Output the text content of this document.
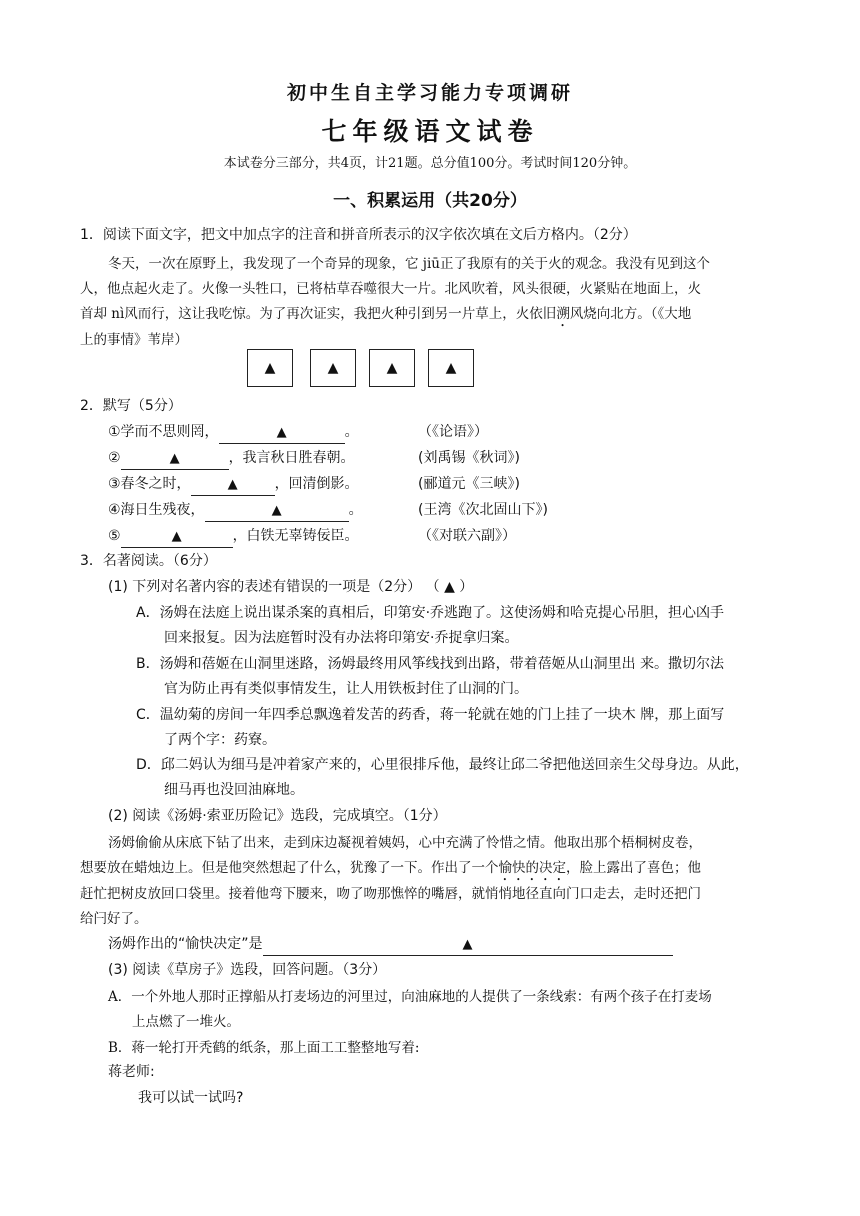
初中生自主学习能力专项调研
七年级语文试卷
本试卷分三部分，共4页，计21题。总分值100分。考试时间120分钟。
一、积累运用（共20分）
1．阅读下面文字，把文中加点字的注音和拼音所表示的汉字依次填在文后方格内。（2分）
冬天，一次在原野上，我发现了一个奇异的现象，它 jiū正了我原有的关于火的观念。我没有见到这个
人，他点起火走了。火像一头牲口，已将枯草吞噬很大一片。北风吹着，风头很硬，火紧贴在地面上，火
首却 nì风而行，这让我吃惊。为了再次证实，我把火种引到另一片草上，火依旧溯风烧向北方。（《大地
上的事情》苇岸）
▲	▲	▲	▲
2．默写（5分）
①学而不思则罔，	▲	。	（《论语》）
②	▲	，我言秋日胜春朝。	(刘禹锡《秋词》)
③春冬之时，	▲	，回清倒影。	(郦道元《三峡》)
④海日生残夜，	▲	。	(王湾《次北固山下》)
⑤	▲	，白铁无辜铸佞臣。	（《对联六副》）
3．名著阅读。（6分）
(1) 下列对名著内容的表述有错误的一项是（2分） （ ▲ ）
A．汤姆在法庭上说出谋杀案的真相后，印第安·乔逃跑了。这使汤姆和哈克提心吊胆，担心凶手
回来报复。因为法庭暂时没有办法将印第安·乔捉拿归案。
B．汤姆和蓓姬在山洞里迷路，汤姆最终用风筝线找到出路，带着蓓姬从山洞里出 来。撒切尔法
官为防止再有类似事情发生，让人用铁板封住了山洞的门。
C．温幼菊的房间一年四季总飘逸着发苦的药香，蒋一轮就在她的门上挂了一块木 牌，那上面写
了两个字：药寮。
D．邱二妈认为细马是冲着家产来的，心里很排斥他，最终让邱二爷把他送回亲生父母身边。从此，
细马再也没回油麻地。
(2) 阅读《汤姆·索亚历险记》选段，完成填空。（1分）
汤姆偷偷从床底下钻了出来，走到床边凝视着姨妈，心中充满了怜惜之情。他取出那个梧桐树皮卷，
想要放在蜡烛边上。但是他突然想起了什么，犹豫了一下。作出了一个愉快的决定，脸上露出了喜色；他
赶忙把树皮放回口袋里。接着他弯下腰来，吻了吻那憔悴的嘴唇，就悄悄地径直向门口走去，走时还把门
给闩好了。
汤姆作出的“愉快决定”是	▲
(3) 阅读《草房子》选段，回答问题。（3分）
A．一个外地人那时正撑船从打麦场边的河里过，向油麻地的人提供了一条线索：有两个孩子在打麦场
上点燃了一堆火。
B．蒋一轮打开秃鹤的纸条，那上面工工整整地写着:
蒋老师:
我可以试一试吗?
